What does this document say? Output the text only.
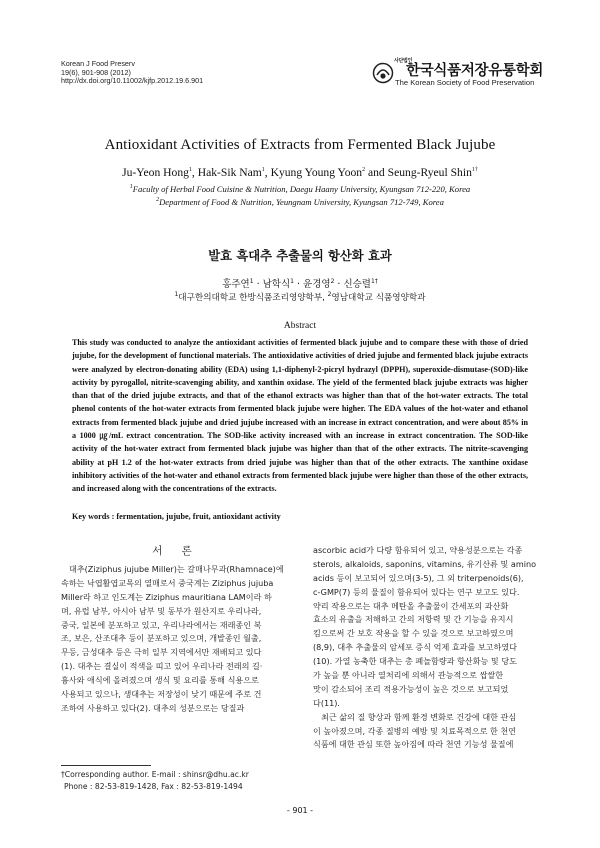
Korean J Food Preserv
19(6), 901-908 (2012)
http://dx.doi.org/10.11002/kjfp.2012.19.6.901
사단법인한국식품저장유통학회
The Korean Society of Food Preservation
Antioxidant Activities of Extracts from Fermented Black Jujube
Ju-Yeon Hong$^1$, Hak-Sik Nam$^1$, Kyung Young Yoon$^2$ and Seung-Ryeul Shin$^{1\dagger}$
$^1$Faculty of Herbal Food Cuisine & Nutrition, Daegu Haany University, Kyungsan 712-220, Korea
$^2$Department of Food & Nutrition, Yeungnam University, Kyungsan 712-749, Korea
발효 흑대추 추출물의 항산화 효과
홍주연$^1$ · 남학식$^1$ · 윤경영$^2$ · 신승렬$^{1\dagger}$
$^1$대구한의대학교 한방식품조리영양학부, $^2$영남대학교 식품영양학과
Abstract
This study was conducted to analyze the antioxidant activities of fermented black jujube and to compare these with those of dried jujube, for the development of functional materials. The antioxidative activities of dried jujube and fermented black jujube extracts were analyzed by electron-donating ability (EDA) using 1,1-diphenyl-2-picryl hydrazyl (DPPH), superoxide-dismutase-(SOD)-like activity by pyrogallol, nitrite-scavenging ability, and xanthin oxidase. The yield of the fermented black jujube extracts was higher than that of the dried jujube extracts, and that of the ethanol extracts was higher than that of the hot-water extracts. The total phenol contents of the hot-water extracts from fermented black jujube were higher. The EDA values of the hot-water and ethanol extracts from fermented black jujube and dried jujube increased with an increase in extract concentration, and were about 85% in a 1000 ㎍/mL extract concentration. The SOD-like activity increased with an increase in extract concentration. The SOD-like activity of the hot-water extract from fermented black jujube was higher than that of the other extracts. The nitrite-scavenging ability at pH 1.2 of the hot-water extracts from dried jujube was higher than that of the other extracts. The xanthine oxidase inhibitory activities of the hot-water and ethanol extracts from fermented black jujube were higher than those of the other extracts, and increased along with the concentrations of the extracts.
Key words : fermentation, jujube, fruit, antioxidant activity
서 론
대추(Ziziphus jujube Miller)는 갈매나무과(Rhamnace)에
속하는 낙엽활엽교목의 열매로서 중국계는 Ziziphus jujuba
Miller라 하고 인도계는 Ziziphus mauritiana LAM이라 하
며, 유럽 남부, 아시아 남부 및 동부가 원산지로 우리나라,
중국, 일본에 분포하고 있고, 우리나라에서는 재래종인 복
조, 보은, 산조대추 등이 분포하고 있으며, 개발종인 월출,
무등, 금성대추 등은 극히 일부 지역에서만 재배되고 있다
(1). 대추는 결실이 적색을 띠고 있어 우리나라 전래의 길·
흉사와 애식에 올려졌으며 생식 및 요리를 통해 식용으로
사용되고 있으나, 생대추는 저장성이 낮기 때문에 주로 건
조하여 사용하고 있다(2). 대추의 성분으로는 당질과
ascorbic acid가 다량 함유되어 있고, 약용성분으로는 각종
sterols, alkaloids, saponins, vitamins, 유기산류 및 amino
acids 등이 보고되어 있으며(3-5), 그 외 triterpenoids(6),
c-GMP(7) 등의 물질이 함유되어 있다는 연구 보고도 있다.
약리 작용으로는 대추 메탄올 추출물이 간세포의 과산화
효소의 유출을 저해하고 간의 저항력 및 간 기능을 유지시
킴으로써 간 보호 작용을 할 수 있을 것으로 보고하였으며
(8,9), 대추 추출물의 암세포 증식 억제 효과를 보고하였다
(10). 가열 농축한 대추는 총 폐놀함량과 항산화능 및 당도
가 높을 뿐 아니라 열처리에 의해서 관능적으로 쌉쌀한
맛이 감소되어 조리 적용가능성이 높은 것으로 보고되었
다(11).
최근 삶의 질 향상과 함께 환경 변화로 건강에 대한 관심
이 높아졌으며, 각종 질병의 예방 및 치료목적으로 한 천연
식품에 대한 관심 또한 높아짐에 따라 천연 기능성 물질에
†Corresponding author. E-mail : shinsr@dhu.ac.kr
Phone : 82-53-819-1428, Fax : 82-53-819-1494
- 901 -
